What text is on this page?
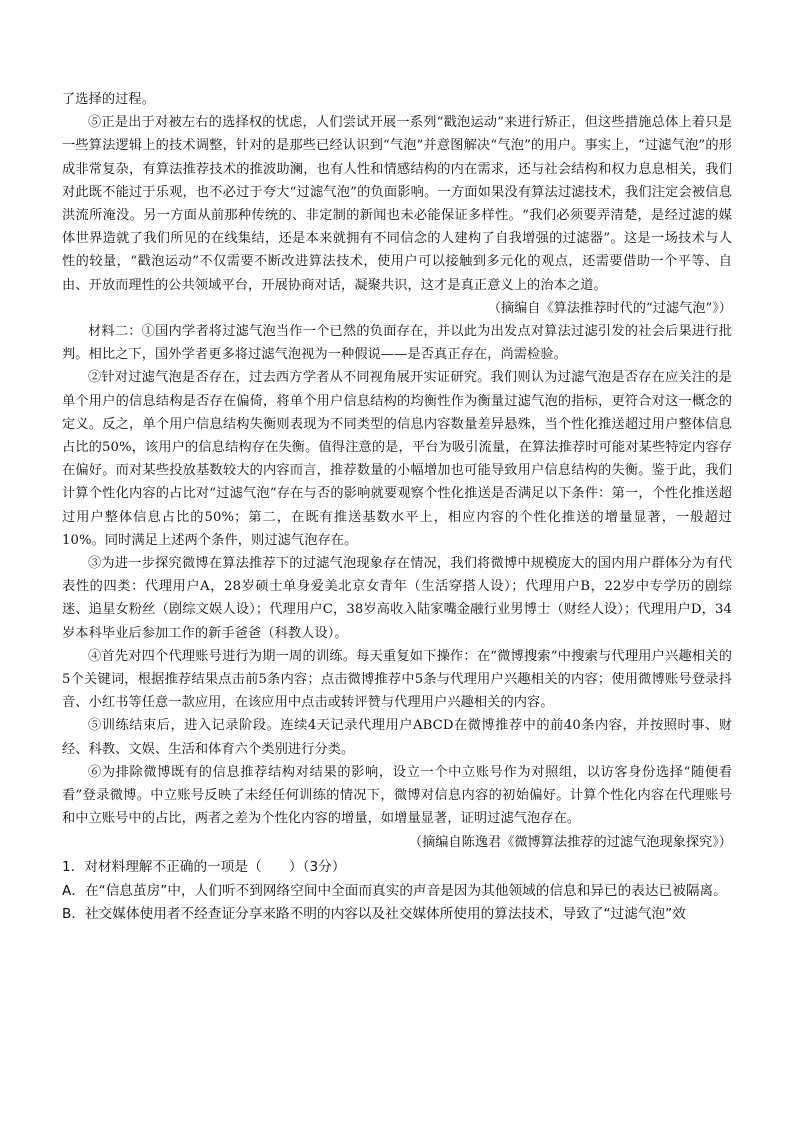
了选择的过程。

⑤正是出于对被左右的选择权的忧虑，人们尝试开展一系列“戳泡运动”来进行矫正，但这些措施总体上着只是一些算法逻辑上的技术调整，针对的是那些已经认识到“气泡”并意图解决“气泡”的用户。事实上，“过滤气泡”的形成非常复杂，有算法推荐技术的推波助澜，也有人性和情感结构的内在需求，还与社会结构和权力息息相关，我们对此既不能过于乐观，也不必过于夸大“过滤气泡”的负面影响。一方面如果没有算法过滤技术，我们注定会被信息洪流所淹没。另一方面从前那种传统的、非定制的新闻也未必能保证多样性。“我们必须要弄清楚，是经过滤的媒体世界造就了我们所见的在线集结，还是本来就拥有不同信念的人建构了自我增强的过滤器”。这是一场技术与人性的较量，“戳泡运动”不仅需要不断改进算法技术，使用户可以接触到多元化的观点，还需要借助一个平等、自由、开放而理性的公共领域平台，开展协商对话，凝聚共识，这才是真正意义上的治本之道。

（摘编自《算法推荐时代的“过滤气泡”》）

材料二：①国内学者将过滤气泡当作一个已然的负面存在，并以此为出发点对算法过滤引发的社会后果进行批判。相比之下，国外学者更多将过滤气泡视为一种假说——是否真正存在，尚需检验。

②针对过滤气泡是否存在，过去西方学者从不同视角展开实证研究。我们则认为过滤气泡是否存在应关注的是单个用户的信息结构是否存在偏倚，将单个用户信息结构的均衡性作为衡量过滤气泡的指标，更符合对这一概念的定义。反之，单个用户信息结构失衡则表现为不同类型的信息内容数量差异悬殊，当个性化推送超过用户整体信息占比的50%，该用户的信息结构存在失衡。值得注意的是，平台为吸引流量，在算法推荐时可能对某些特定内容存在偏好。而对某些投放基数较大的内容而言，推荐数量的小幅增加也可能导致用户信息结构的失衡。鉴于此，我们计算个性化内容的占比对“过滤气泡”存在与否的影响就要观察个性化推送是否满足以下条件：第一，个性化推送超过用户整体信息占比的50%；第二，在既有推送基数水平上，相应内容的个性化推送的增量显著，一般超过10%。同时满足上述两个条件，则过滤气泡存在。

③为进一步探究微博在算法推荐下的过滤气泡现象存在情况，我们将微博中规模庞大的国内用户群体分为有代表性的四类：代理用户A，28岁硕士单身爱美北京女青年（生活穿搭人设）；代理用户B，22岁中专学历的剧综迷、追星女粉丝（剧综文娱人设）；代理用户C，38岁高收入陆家嘴金融行业男博士（财经人设）；代理用户D，34岁本科毕业后参加工作的新手爸爸（科教人设）。

④首先对四个代理账号进行为期一周的训练。每天重复如下操作：在“微博搜索”中搜索与代理用户兴趣相关的5个关键词，根据推荐结果点击前5条内容；点击微博推荐中5条与代理用户兴趣相关的内容；使用微博账号登录抖音、小红书等任意一款应用，在该应用中点击或转评赞与代理用户兴趣相关的内容。

⑤训练结束后，进入记录阶段。连续4天记录代理用户ABCD在微博推荐中的前40条内容，并按照时事、财经、科教、文娱、生活和体育六个类别进行分类。

⑥为排除微博既有的信息推荐结构对结果的影响，设立一个中立账号作为对照组，以访客身份选择“随便看看”登录微博。中立账号反映了未经任何训练的情况下，微博对信息内容的初始偏好。计算个性化内容在代理账号和中立账号中的占比，两者之差为个性化内容的增量，如增量显著，证明过滤气泡存在。

（摘编自陈逸君《微博算法推荐的过滤气泡现象探究》）

1．对材料理解不正确的一项是（　　）（3分）

A．在“信息茧房”中，人们听不到网络空间中全面而真实的声音是因为其他领域的信息和异已的表达已被隔离。

B．社交媒体使用者不经查证分享来路不明的内容以及社交媒体所使用的算法技术，导致了“过滤气泡”效
